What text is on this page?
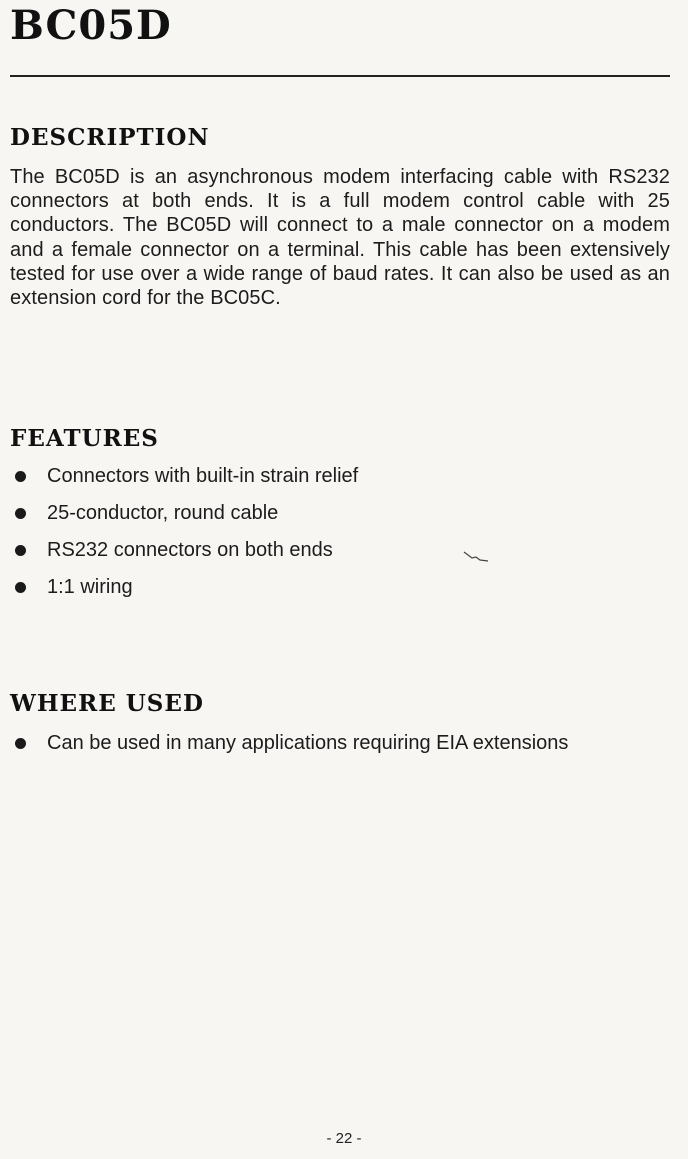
BC05D
DESCRIPTION

The BC05D is an asynchronous modem interfacing cable with RS232 connectors at both ends. It is a full modem control cable with 25 conductors. The BC05D will connect to a male connector on a modem and a female connector on a terminal. This cable has been extensively tested for use over a wide range of baud rates. It can also be used as an extension cord for the BC05C.

FEATURES
Connectors with built-in strain relief
25-conductor, round cable
RS232 connectors on both ends
1:1 wiring
WHERE USED
Can be used in many applications requiring EIA extensions
- 22 -
